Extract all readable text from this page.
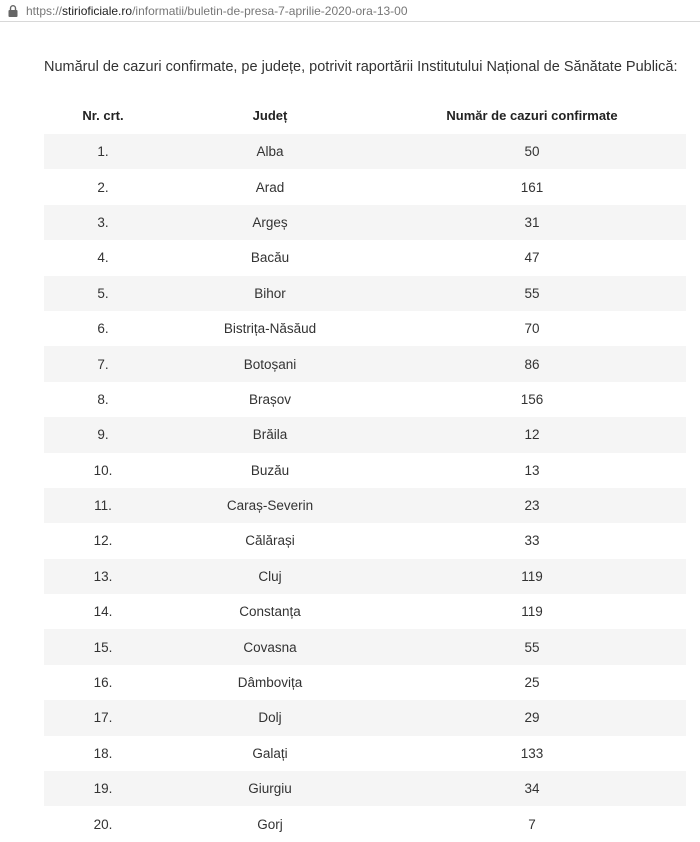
https://stirioficiale.ro/informatii/buletin-de-presa-7-aprilie-2020-ora-13-00

Numărul de cazuri confirmate, pe județe, potrivit raportării Institutului Național de Sănătate Publică:

Nr. crt.	Județ	Număr de cazuri confirmate
1.	Alba	50
2.	Arad	161
3.	Argeș	31
4.	Bacău	47
5.	Bihor	55
6.	Bistrița-Năsăud	70
7.	Botoșani	86
8.	Brașov	156
9.	Brăila	12
10.	Buzău	13
11.	Caraș-Severin	23
12.	Călărași	33
13.	Cluj	119
14.	Constanța	119
15.	Covasna	55
16.	Dâmbovița	25
17.	Dolj	29
18.	Galați	133
19.	Giurgiu	34
20.	Gorj	7
